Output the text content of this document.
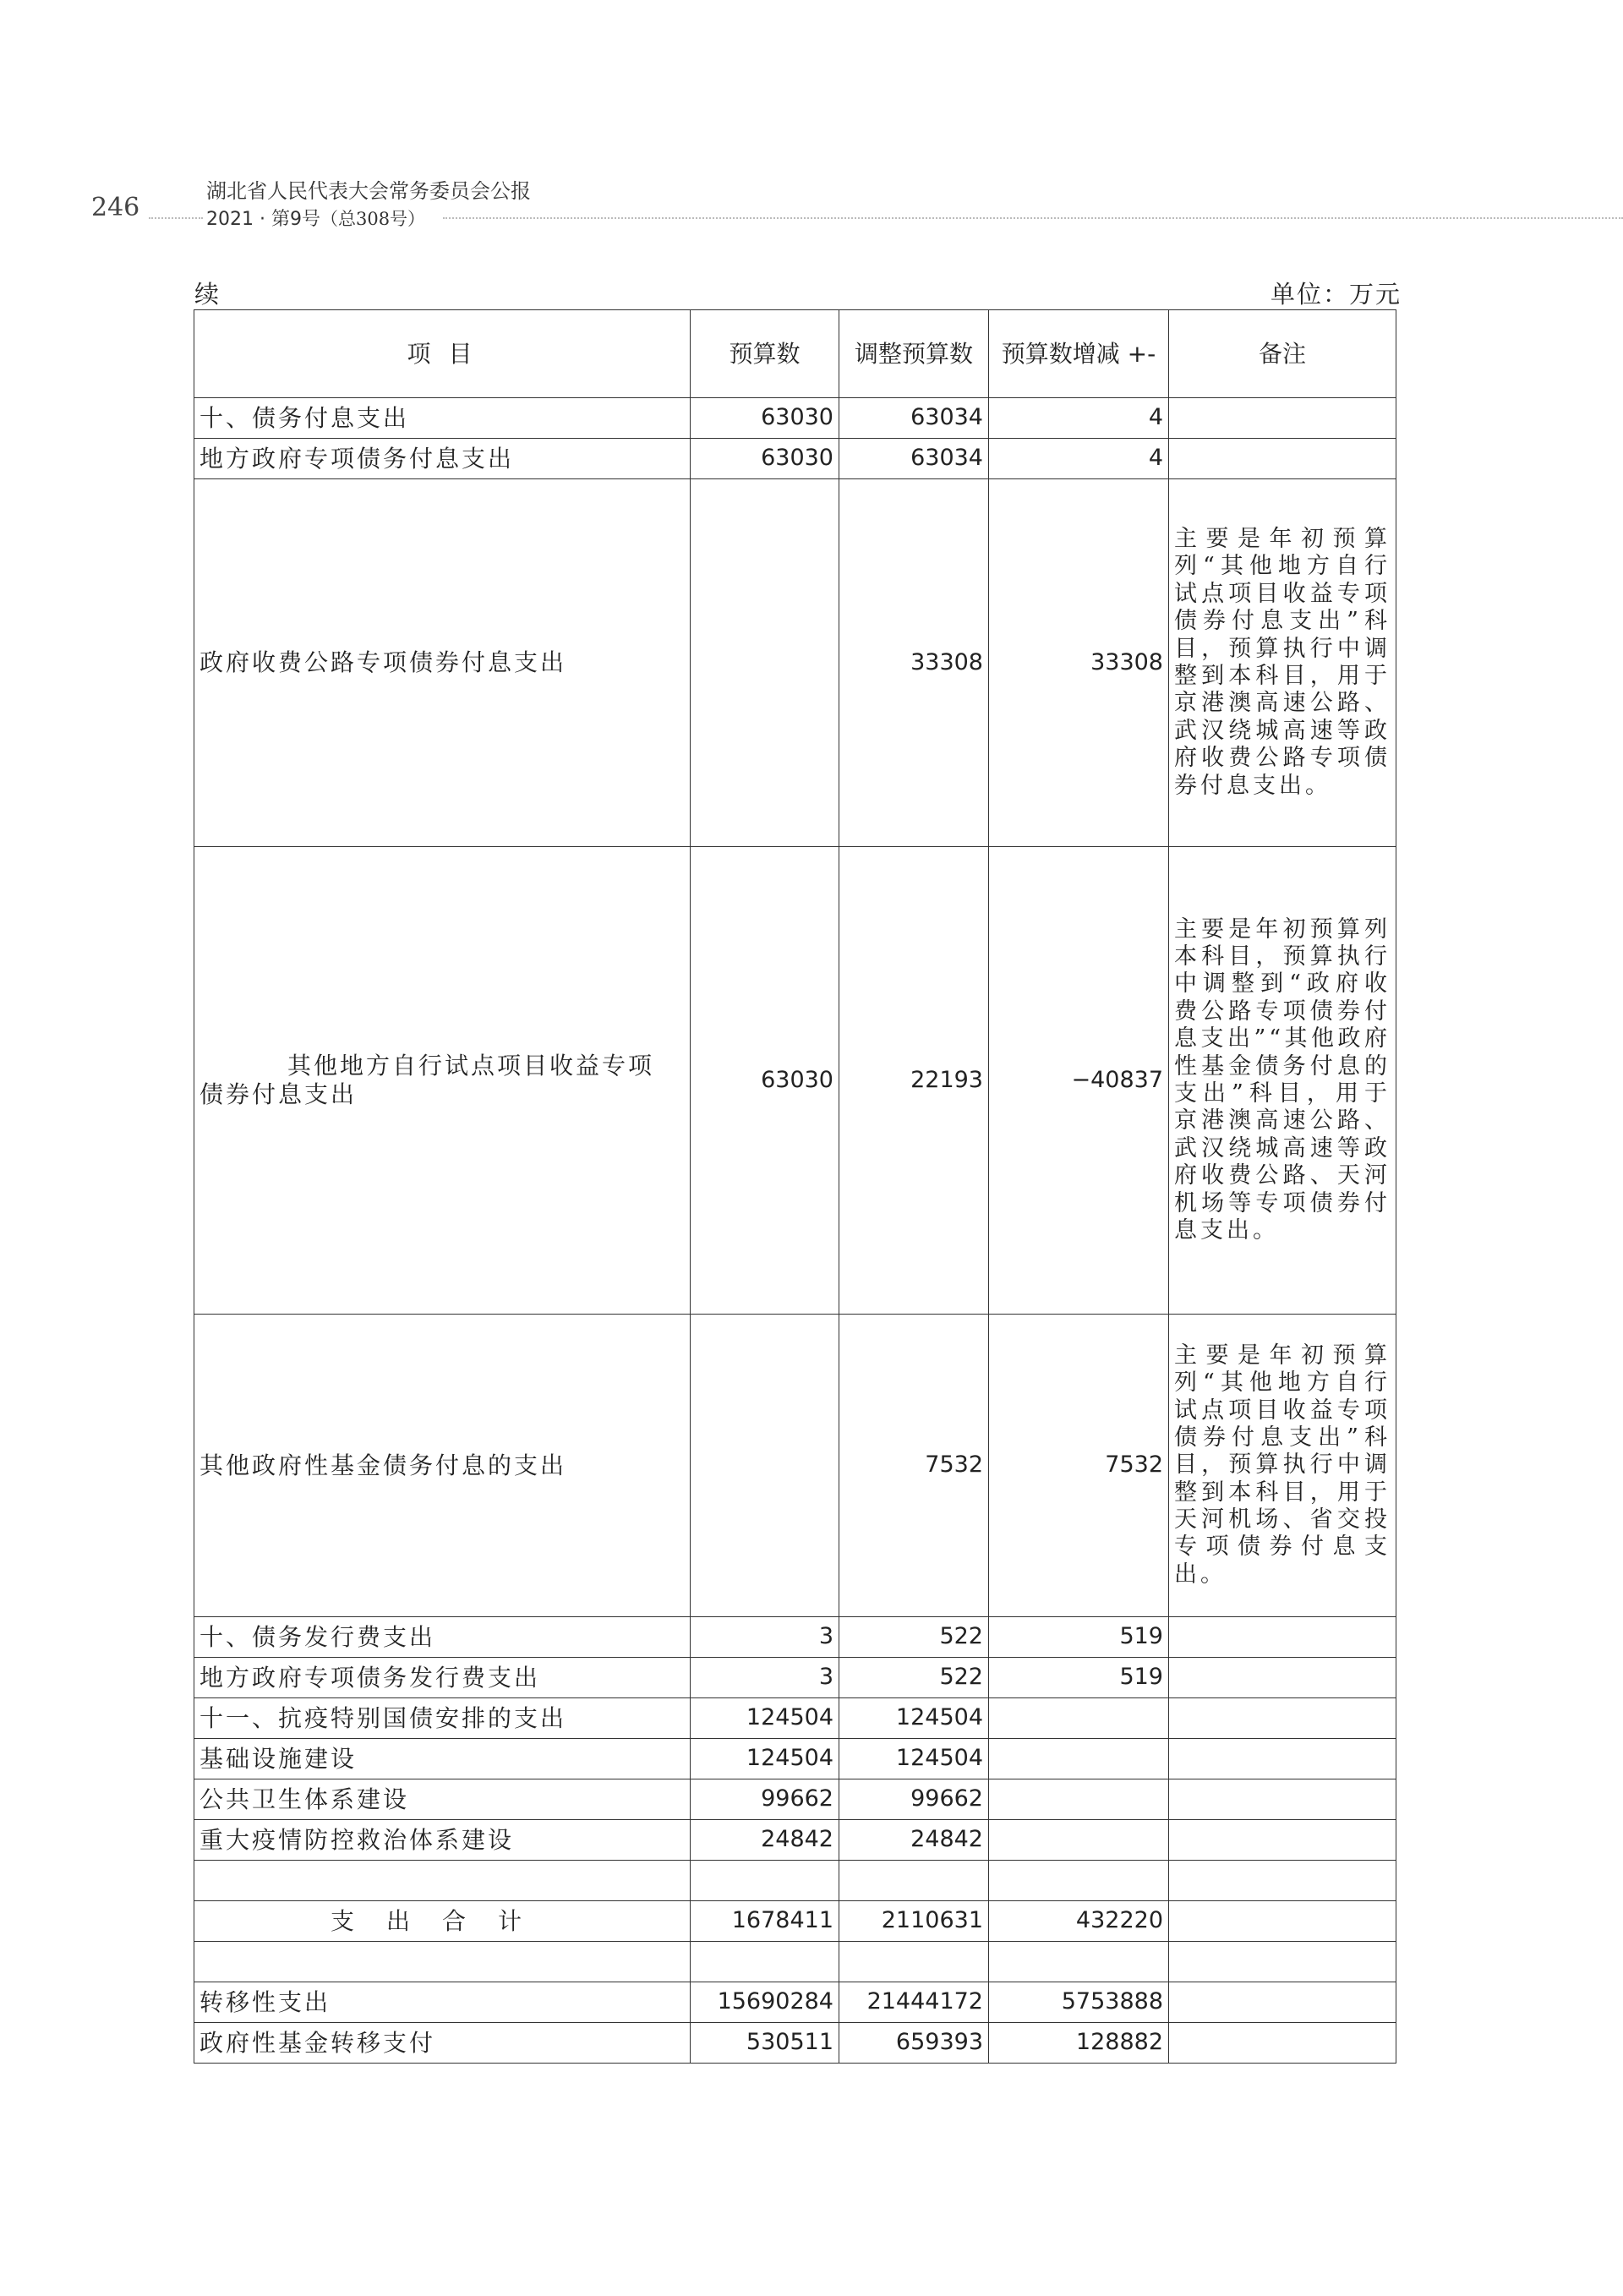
246
湖北省人民代表大会常务委员会公报
2021 · 第9号（总308号）
续	单位：万元
项 目	预算数	调整预算数	预算数增减 +-	备注
十、债务付息支出	63030	63034	4	
地方政府专项债务付息支出	63030	63034	4	
政府收费公路专项债券付息支出		33308	33308	主要是年初预算列“其他地方自行试点项目收益专项债券付息支出”科目，预算执行中调整到本科目，用于京港澳高速公路、武汉绕城高速等政府收费公路专项债券付息支出。

其他地方自行试点项目收益专项
债券付息支出	63030	22193	−40837	主要是年初预算列本科目，预算执行中调整到“政府收费公路专项债券付息支出”“其他政府性基金债务付息的支出”科目，用于京港澳高速公路、武汉绕城高速等政府收费公路、天河机场等专项债券付息支出。
其他政府性基金债务付息的支出		7532	7532	主要是年初预算列“其他地方自行试点项目收益专项债券付息支出”科目，预算执行中调整到本科目，用于天河机场、省交投专项债券付息支出。
十、债务发行费支出	3	522	519	
地方政府专项债务发行费支出	3	522	519	
十一、抗疫特别国债安排的支出	124504	124504		
基础设施建设	124504	124504		
公共卫生体系建设	99662	99662		
重大疫情防控救治体系建设	24842	24842		

支出合计	1678411	2110631	432220	

转移性支出	15690284	21444172	5753888	
政府性基金转移支付	530511	659393	128882	
